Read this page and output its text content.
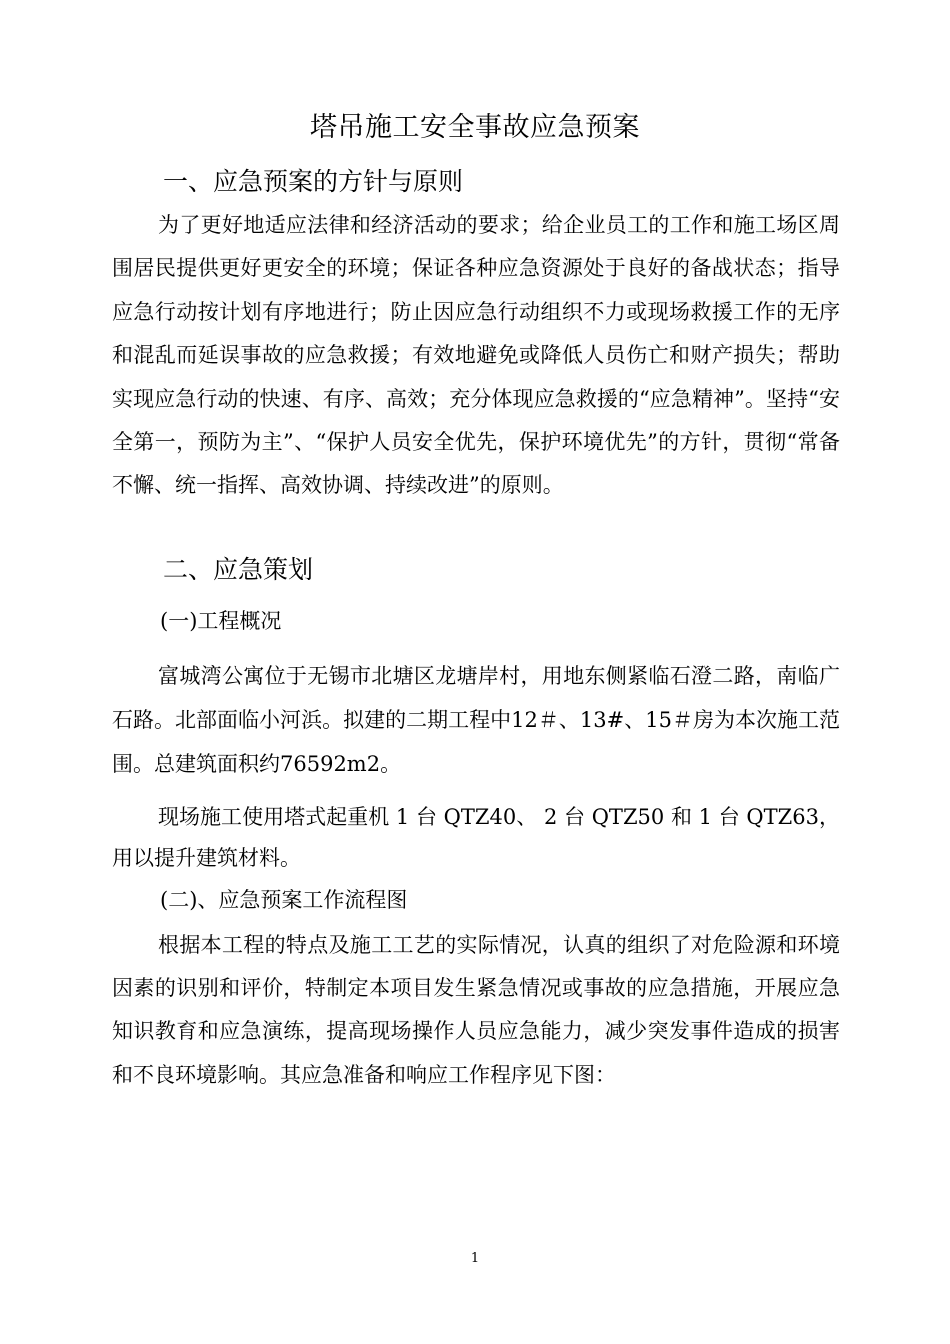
塔吊施工安全事故应急预案
一、应急预案的方针与原则

为了更好地适应法律和经济活动的要求；给企业员工的工作和施工场区周围居民提供更好更安全的环境；保证各种应急资源处于良好的备战状态；指导应急行动按计划有序地进行；防止因应急行动组织不力或现场救援工作的无序和混乱而延误事故的应急救援；有效地避免或降低人员伤亡和财产损失；帮助实现应急行动的快速、有序、高效；充分体现应急救援的“应急精神”。坚持“安全第一，预防为主”、“保护人员安全优先，保护环境优先”的方针，贯彻“常备不懈、统一指挥、高效协调、持续改进”的原则。

二、应急策划
(一)工程概况

富城湾公寓位于无锡市北塘区龙塘岸村，用地东侧紧临石澄二路，南临广石路。北部面临小河浜。拟建的二期工程中12＃、13#、15＃房为本次施工范围。总建筑面积约76592m2。

现场施工使用塔式起重机 1 台 QTZ40、 2 台 QTZ50 和 1 台 QTZ63，用以提升建筑材料。

(二)、应急预案工作流程图

根据本工程的特点及施工工艺的实际情况，认真的组织了对危险源和环境因素的识别和评价，特制定本项目发生紧急情况或事故的应急措施，开展应急知识教育和应急演练，提高现场操作人员应急能力，减少突发事件造成的损害和不良环境影响。其应急准备和响应工作程序见下图：

1
